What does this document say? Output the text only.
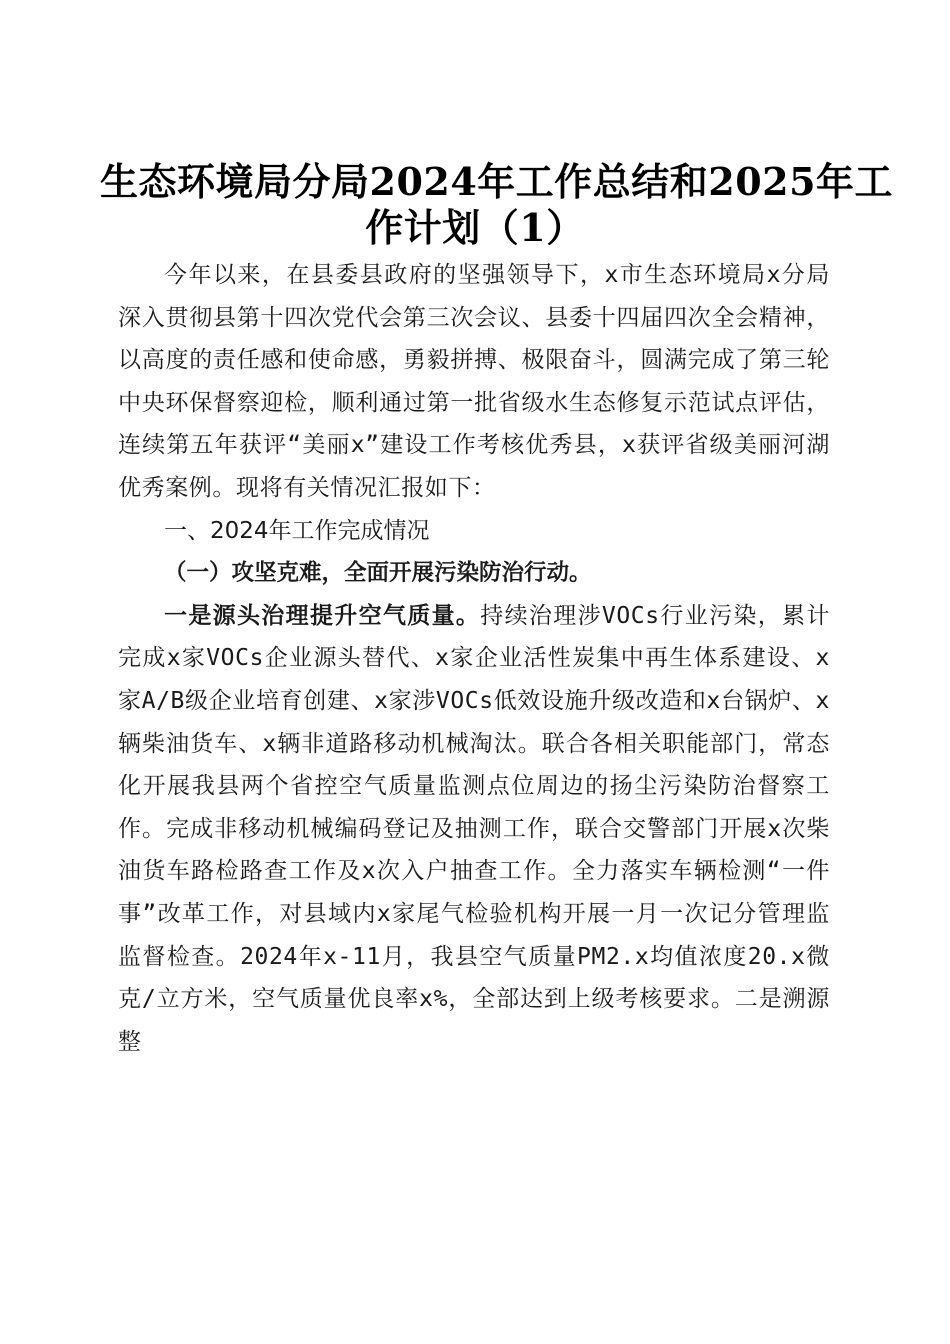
生态环境局分局2024年工作总结和2025年工
作计划（1）

今年以来，在县委县政府的坚强领导下，x市生态环境局x分局深入贯彻县第十四次党代会第三次会议、县委十四届四次全会精神，以高度的责任感和使命感，勇毅拼搏、极限奋斗，圆满完成了第三轮中央环保督察迎检，顺利通过第一批省级水生态修复示范试点评估，连续第五年获评“美丽x”建设工作考核优秀县，x获评省级美丽河湖优秀案例。现将有关情况汇报如下：

一、2024年工作完成情况

（一）攻坚克难，全面开展污染防治行动。

一是源头治理提升空气质量。持续治理涉VOCs行业污染，累计完成x家VOCs企业源头替代、x家企业活性炭集中再生体系建设、x家A/B级企业培育创建、x家涉VOCs低效设施升级改造和x台锅炉、x辆柴油货车、x辆非道路移动机械淘汰。联合各相关职能部门，常态化开展我县两个省控空气质量监测点位周边的扬尘污染防治督察工作。完成非移动机械编码登记及抽测工作，联合交警部门开展x次柴油货车路检路查工作及x次入户抽查工作。全力落实车辆检测“一件事”改革工作，对县域内x家尾气检验机构开展一月一次记分管理监监督检查。2024年x-11月，我县空气质量PM2.x均值浓度20.x微克/立方米，空气质量优良率x%，全部达到上级考核要求。二是溯源整
